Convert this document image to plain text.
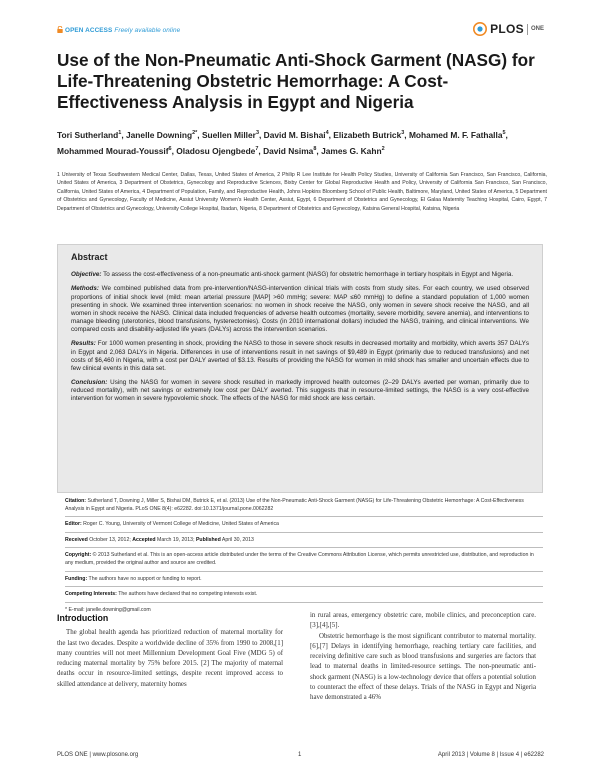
OPEN ACCESS Freely available online	PLOS	ONE
Use of the Non-Pneumatic Anti-Shock Garment (NASG) for Life-Threatening Obstetric Hemorrhage: A Cost-Effectiveness Analysis in Egypt and Nigeria
Tori Sutherland$^1$, Janelle Downing$^{2*}$, Suellen Miller$^3$, David M. Bishai$^4$, Elizabeth Butrick$^3$, Mohamed M. F. Fathalla$^5$, Mohammed Mourad-Youssif$^6$, Oladosu Ojengbede$^7$, David Nsima$^8$, James G. Kahn$^2$
1 University of Texas Southwestern Medical Center, Dallas, Texas, United States of America, 2 Philip R Lee Institute for Health Policy Studies, University of California San Francisco, San Francisco, California, United States of America, 3 Department of Obstetrics, Gynecology and Reproductive Sciences, Bixby Center for Global Reproductive Health and Policy, University of California San Francisco, San Francisco, California, United States of America, 4 Department of Population, Family, and Reproductive Health, Johns Hopkins Bloomberg School of Public Health, Baltimore, Maryland, United States of America, 5 Department of Obstetrics and Gynecology, Faculty of Medicine, Assiut University Women's Health Center, Assiut, Egypt, 6 Department of Obstetrics and Gynecology, El Galaa Maternity Teaching Hospital, Cairo, Egypt, 7 Department of Obstetrics and Gynecology, University College Hospital, Ibadan, Nigeria, 8 Department of Obstetrics and Gynecology, Katsina General Hospital, Katsina, Nigeria
Abstract

Objective: To assess the cost-effectiveness of a non-pneumatic anti-shock garment (NASG) for obstetric hemorrhage in tertiary hospitals in Egypt and Nigeria.

Methods: We combined published data from pre-intervention/NASG-intervention clinical trials with costs from study sites. For each country, we used observed proportions of initial shock level (mild: mean arterial pressure [MAP] >60 mmHg; severe: MAP ≤60 mmHg) to define a standard population of 1,000 women presenting in shock. We examined three intervention scenarios: no women in shock receive the NASG, only women in severe shock receive the NASG, and all women in shock receive the NASG. Clinical data included frequencies of adverse health outcomes (mortality, severe morbidity, severe anemia), and interventions to manage bleeding (uterotonics, blood transfusions, hysterectomies). Costs (in 2010 international dollars) included the NASG, training, and clinical interventions. We compared costs and disability-adjusted life years (DALYs) across the intervention scenarios.

Results: For 1000 women presenting in shock, providing the NASG to those in severe shock results in decreased mortality and morbidity, which averts 357 DALYs in Egypt and 2,063 DALYs in Nigeria. Differences in use of interventions result in net savings of $9,489 in Egypt (primarily due to reduced transfusions) and net costs of $6,460 in Nigeria, with a cost per DALY averted of $3.13. Results of providing the NASG for women in mild shock has smaller and uncertain effects due to few clinical events in this data set.

Conclusion: Using the NASG for women in severe shock resulted in markedly improved health outcomes (2–29 DALYs averted per woman, primarily due to reduced mortality), with net savings or extremely low cost per DALY averted. This suggests that in resource-limited settings, the NASG is a very cost-effective intervention for women in severe hypovolemic shock. The effects of the NASG for mild shock are less certain.

Citation: Sutherland T, Downing J, Miller S, Bishai DM, Butrick E, et al. (2013) Use of the Non-Pneumatic Anti-Shock Garment (NASG) for Life-Threatening Obstetric Hemorrhage: A Cost-Effectiveness Analysis in Egypt and Nigeria. PLoS ONE 8(4): e62282. doi:10.1371/journal.pone.0062282

Editor: Roger C. Young, University of Vermont College of Medicine, United States of America

Received October 13, 2012; Accepted March 19, 2013; Published April 30, 2013

Copyright: © 2013 Sutherland et al. This is an open-access article distributed under the terms of the Creative Commons Attribution License, which permits unrestricted use, distribution, and reproduction in any medium, provided the original author and source are credited.

Funding: The authors have no support or funding to report.

Competing Interests: The authors have declared that no competing interests exist.

* E-mail: janelle.downing@gmail.com

Introduction

The global health agenda has prioritized reduction of maternal mortality for the last two decades. Despite a worldwide decline of 35% from 1990 to 2008,[1] many countries will not meet Millennium Development Goal Five (MDG 5) of reducing maternal mortality by 75% before 2015. [2] The majority of maternal deaths occur in resource-limited settings, despite recent improved access to skilled attendance at delivery, maternity homes

in rural areas, emergency obstetric care, mobile clinics, and preconception care.[3],[4],[5].

Obstetric hemorrhage is the most significant contributor to maternal mortality.[6],[7] Delays in identifying hemorrhage, reaching tertiary care facilities, and receiving definitive care such as blood transfusions and surgeries are factors that lead to maternal deaths in limited-resource settings. The non-pneumatic anti-shock garment (NASG) is a low-technology device that offers a potential solution to counteract the effect of these delays. Trials of the NASG in Egypt and Nigeria have demonstrated a 46%

PLOS ONE | www.plosone.org	1	April 2013 | Volume 8 | Issue 4 | e62282
